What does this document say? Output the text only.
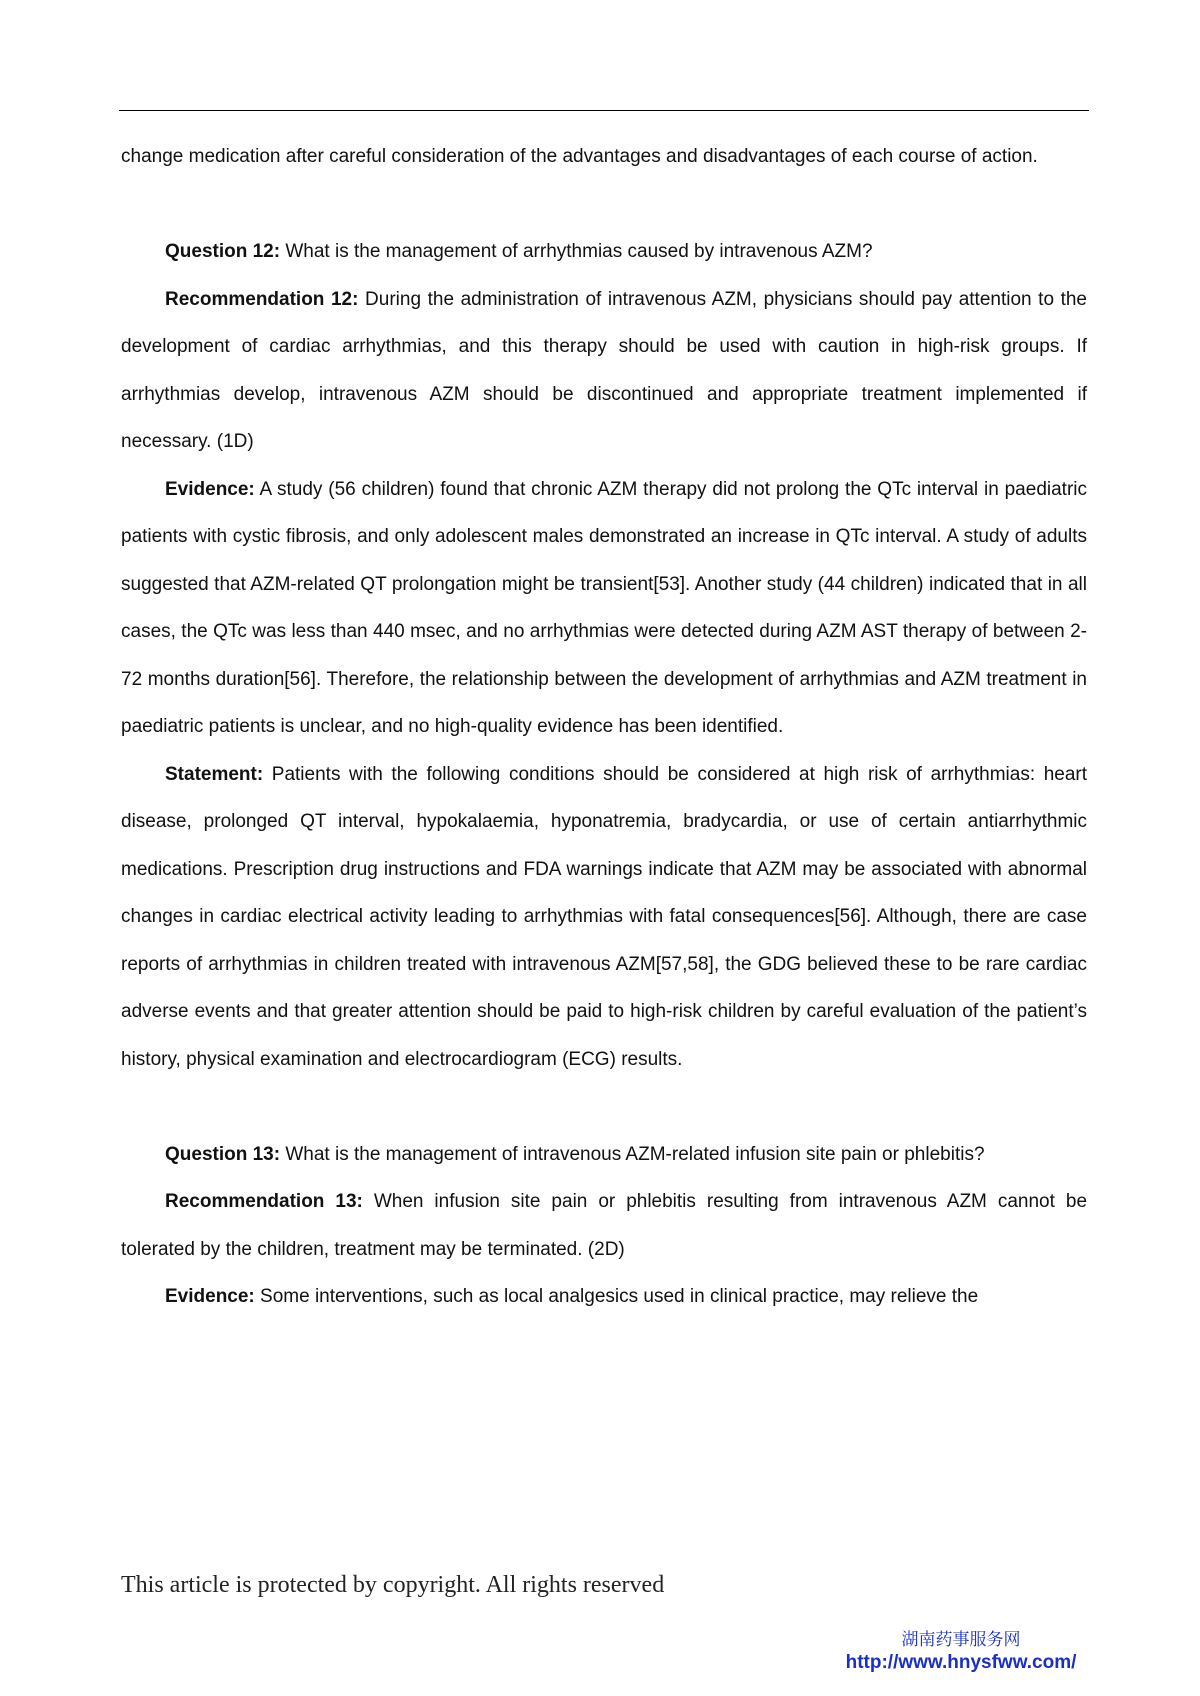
change medication after careful consideration of the advantages and disadvantages of each course of action.

Question 12: What is the management of arrhythmias caused by intravenous AZM?

Recommendation 12: During the administration of intravenous AZM, physicians should pay attention to the development of cardiac arrhythmias, and this therapy should be used with caution in high-risk groups. If arrhythmias develop, intravenous AZM should be discontinued and appropriate treatment implemented if necessary. (1D)

Evidence: A study (56 children) found that chronic AZM therapy did not prolong the QTc interval in paediatric patients with cystic fibrosis, and only adolescent males demonstrated an increase in QTc interval. A study of adults suggested that AZM-related QT prolongation might be transient[53]. Another study (44 children) indicated that in all cases, the QTc was less than 440 msec, and no arrhythmias were detected during AZM AST therapy of between 2-72 months duration[56]. Therefore, the relationship between the development of arrhythmias and AZM treatment in paediatric patients is unclear, and no high-quality evidence has been identified.

Statement: Patients with the following conditions should be considered at high risk of arrhythmias: heart disease, prolonged QT interval, hypokalaemia, hyponatremia, bradycardia, or use of certain antiarrhythmic medications. Prescription drug instructions and FDA warnings indicate that AZM may be associated with abnormal changes in cardiac electrical activity leading to arrhythmias with fatal consequences[56]. Although, there are case reports of arrhythmias in children treated with intravenous AZM[57,58], the GDG believed these to be rare cardiac adverse events and that greater attention should be paid to high-risk children by careful evaluation of the patient’s history, physical examination and electrocardiogram (ECG) results.

Question 13: What is the management of intravenous AZM-related infusion site pain or phlebitis?

Recommendation 13: When infusion site pain or phlebitis resulting from intravenous AZM cannot be tolerated by the children, treatment may be terminated. (2D)

Evidence: Some interventions, such as local analgesics used in clinical practice, may relieve the

This article is protected by copyright. All rights reserved
湖南药事服务网
http://www.hnysfww.com/
